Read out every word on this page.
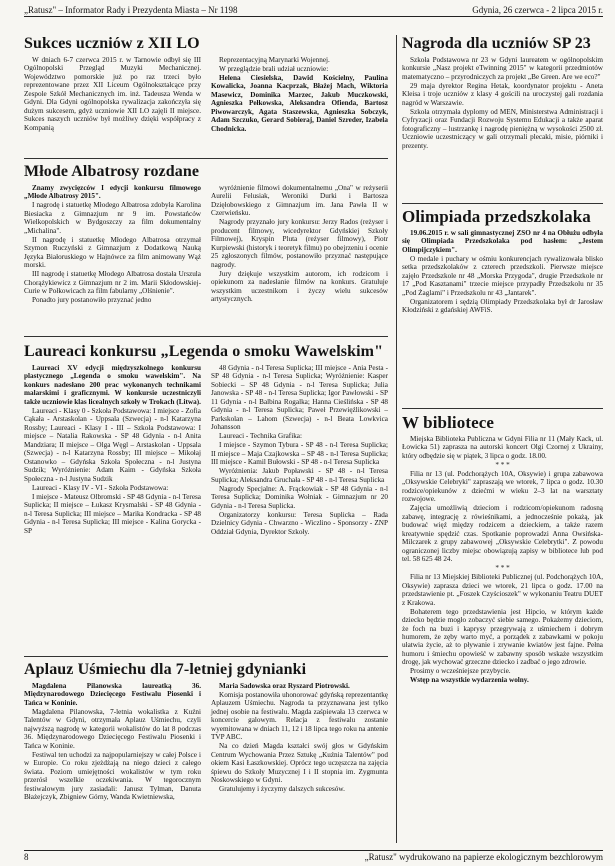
„Ratusz" – Informator Rady i Prezydenta Miasta – Nr 1198	Gdynia, 26 czerwca - 2 lipca 2015 r.
Sukces uczniów z XII LO

W dniach 6-7 czerwca 2015 r. w Tarnowie odbył się III Ogólnopolski Przegląd Muzyki Mechanicznej. Województwo pomorskie już po raz trzeci było reprezentowane przez XII Liceum Ogólnokształcące przy Zespole Szkół Mechanicznych im. inż. Tadeusza Wenda w Gdyni. Dla Gdyni ogólnopolska rywalizacja zakończyła się dużym sukcesem, gdyż uczniowie XII LO zajęli II miejsce. Sukces naszych uczniów był możliwy dzięki współpracy z Kompanią

Reprezentacyjną Marynarki Wojennej.

W przeglądzie brali udział uczniowie:

Helena Ciesielska, Dawid Kościelny, Paulina Kowalicka, Joanna Kacprzak, Błażej Mach, Wiktoria Masewicz, Dominika Marzec, Jakub Muczkowski, Agnieszka Pełkowska, Aleksandra Ofienda, Bartosz Piwowarczyk, Agata Staszewska, Agnieszka Sobczyk, Adam Szczuko, Gerard Sobieraj, Daniel Szreder, Izabela Chodnicka.

Młode Albatrosy rozdane

Znamy zwycięzców I edycji konkursu filmowego „Młode Albatrosy 2015".

I nagrodę i statuetkę Młodego Albatrosa zdobyła Karolina Biesiacka z Gimnazjum nr 9 im. Powstańców Wielkopolskich w Bydgoszczy za film dokumentalny „Michalina".

II nagrodę i statuetkę Młodego Albatrosa otrzymał Szymon Ruczyński z Gimnazjum z Dodatkową Nauką Języka Białoruskiego w Hajnówce za film animowany Wąż morski.

III nagrodę i statuetkę Młodego Albatrosa dostała Urszula Chorążykiewicz z Gimnazjum nr 2 im. Marii Skłodowskiej-Curie w Połkowicach za film fabularny „Olśnienie".

Ponadto jury postanowiło przyznać jedno

wyróżnienie filmowi dokumentalnemu „Ona" w reżyserii Aurelii Felusiak, Weroniki Durki i Bartosza Dzięłobowskiego z Gimnazjum im. Jana Pawła II w Czerwieńsku.

Nagrody przyznało jury konkursu: Jerzy Rados (reżyser i producent filmowy, wicedyrektor Gdyńskiej Szkoły Filmowej), Kryspin Pluta (reżyser filmowy), Piotr Kurpiewski (historyk i teoretyk filmu) po obejrzeniu i ocenie 25 zgłoszonych filmów, postanowiło przyznać następujące nagrody.

Jury dziękuje wszystkim autorom, ich rodzicom i opiekunom za nadesłanie filmów na konkurs. Gratuluje wszystkim uczestnikom i życzy wielu sukcesów artystycznych.

Laureaci konkursu „Legenda o smoku Wawelskim"

Laureaci XV edycji międzyszkolnego konkursu plastycznego „Legenda o smoku wawelskim". Na konkurs nadesłano 200 prac wykonanych technikami malarskimi i graficznymi. W konkursie uczestniczyli także uczniowie klas licealnych szkoły w Trokach (Litwa).

Laureaci - Klasy 0 - Szkoła Podstawowa: I miejsce - Zofia Cąkała - Arstaskolan - Uppsala (Szwecja) - n-l Katarzyna Rossby; Laureaci - Klasy I - III – Szkoła Podstawowa: I miejsce – Natalia Rakowska - SP 48 Gdynia - n-l Anita Mandziara; II miejsce – Olga Węgl – Arstaskolan - Uppsala (Szwecja) - n-l Katarzyna Rossby; III miejsce – Mikołaj Ostanowko – Gdyńska Szkoła Społeczna - n-l Justyna Sudzik; Wyróżnienie: Adam Kaim - Gdyńska Szkoła Społeczna - n-l Justyna Sudzik

Laureaci - Klasy IV - VI - Szkoła Podstawowa:

I miejsce - Mateusz Olbromski - SP 48 Gdynia - n-l Teresa Suplicka; II miejsce – Łukasz Krysmalski - SP 48 Gdynia - n-l Teresa Suplicka; III miejsce – Marika Kondracka - SP 48 Gdynia - n-l Teresa Suplicka; III miejsce - Kalina Gorycka - SP

48 Gdynia - n-l Teresa Suplicka; III miejsce - Ania Pesta - SP 48 Gdynia - n-l Teresa Suplicka; Wyróżnienie: Kasper Sobiecki – SP 48 Gdynia - n-l Teresa Suplicka; Julia Janowska - SP 48 - n-l Teresa Suplicka; Igor Pawłowski - SP 11 Gdynia - n-l Balbina Rogalka; Hanna Cieślińska - SP 48 Gdynia - n-l Teresa Suplicka; Paweł Przewięźlikowski – Parkskolan – Lahom (Szwecja) - n-l Beata Lowkvica Johansson

Laureaci - Technika Grafika:

I miejsce - Szymon Tybura - SP 48 - n-l Teresa Suplicka; II miejsce – Maja Czajkowska – SP 48 - n-l Teresa Suplicka; III miejsce - Kamil Bułowski - SP 48 - n-l Teresa Suplicka

Wyróżnienia: Jakub Popławski - SP 48 - n-l Teresa Suplicka; Aleksandra Gruchała - SP 48 - n-l Teresa Suplicka

Nagrody Specjalne: A. Frąckowiak - SP 48 Gdynia - n-l Teresa Suplicka; Dominika Wołniak - Gimnazjum nr 20 Gdynia - n-l Teresa Suplicka.

Organizatorzy konkursu: Teresa Suplicka – Rada Dzielnicy Gdynia - Chwarzno - Wiczlino - Sponsorzy - ZNP Oddział Gdynia, Dyrektor Szkoły.

Aplauz Uśmiechu dla 7-letniej gdynianki

Magdalena Pilanowska laureatką 36. Międzynarodowego Dziecięcego Festiwalu Piosenki i Tańca w Koninie.

Magdalena Pilanowska, 7-letnia wokalistka z Kuźni Talentów w Gdyni, otrzymała Aplauz Uśmiechu, czyli najwyższą nagrodę w kategorii wokalistów do lat 8 podczas 36. Międzynarodowego Dziecięcego Festiwalu Piosenki i Tańca w Koninie.

Festiwal ten uchodzi za najpopularniejszy w całej Polsce i w Europie. Co roku zjeżdżają na niego dzieci z całego świata. Poziom umiejętności wokalistów w tym roku przerósł wszelkie oczekiwania. W tegorocznym festiwalowym jury zasiadali: Janusz Tylman, Danuta Błażejczyk, Zbigniew Górny, Wanda Kwietniewska,

Maria Sadowska oraz Ryszard Piotrowski.

Komisja postanowiła uhonorować gdyńską reprezentantkę Aplauzem Uśmiechu. Nagroda ta przyznawana jest tylko jednej osobie na festiwalu. Magda zaśpiewała 13 czerwca w koncercie galowym. Relacja z festiwalu zostanie wyemitowana w dniach 11, 12 i 18 lipca tego roku na antenie TVP ABC.

Na co dzień Magda kształci swój głos w Gdyńskim Centrum Wychowania Przez Sztukę „Kuźnia Talentów" pod okiem Kasi Łaszkowskiej. Oprócz tego uczęszcza na zajęcia śpiewu do Szkoły Muzycznej I i II stopnia im. Zygmunta Noskowskiego w Gdyni.

Gratulujemy i życzymy dalszych sukcesów.

Nagroda dla uczniów SP 23

Szkoła Podstawowa nr 23 w Gdyni laureatem w ogólnopolskim konkursie „Nasz projekt eTwinning 2015" w kategorii przedmiotów matematyczno – przyrodniczych za projekt „Be Green. Are we eco?"

29 maja dyrektor Regina Hetak, koordynator projektu - Aneta Kleisa i troje uczniów z klasy 4 gościli na uroczystej gali rozdania nagród w Warszawie.

Szkoła otrzymała dyplomy od MEN, Ministerstwa Administracji i Cyfryzacji oraz Fundacji Rozwoju Systemu Edukacji a także aparat fotograficzny – lustrzankę i nagrodę pieniężną w wysokości 2500 zł. Uczniowie uczestniczący w gali otrzymali plecaki, misie, piórniki i prezenty.

Olimpiada przedszkolaka

19.06.2015 r. w sali gimnastycznej ZSO nr 4 na Obłużu odbyła się Olimpiada Przedszkolaka pod hasłem: „Jestem Olimpijczykiem".

O medale i puchary w ośmiu konkurencjach rywalizowała blisko setka przedszkolaków z czterech przedszkoli. Pierwsze miejsce zajęło Przedszkole nr 48 „Morska Przygoda", drugie Przedszkole nr 17 „Pod Kasztanami" trzecie miejsce przypadły Przedszkolu nr 35 „Pod Żaglami" i Przedszkolu nr 43 „Jantarek".

Organizatorem i sędzią Olimpiady Przedszkolaka był dr Jarosław Kłodziński z gdańskiej AWFiS.

W bibliotece

Miejska Biblioteka Publiczna w Gdyni Filia nr 11 (Mały Kack, ul. Łowicka 51) zaprasza na autorski koncert Olgi Czornej z Ukrainy, który odbędzie się w piątek, 3 lipca o godz. 18.00.

* * *

Filia nr 13 (ul. Podchorążych 10A, Oksywie) i grupa zabawowa „Oksywskie Celebryki" zapraszają we wtorek, 7 lipca o godz. 10.30 rodzice/opiekunów z dziećmi w wieku 2–3 lat na warsztaty rozwojowe.

Zajęcia umożliwią dzieciom i rodzicom/opiekunom radosną zabawę, integrację z rówieśnikami, a jednocześnie pokażą, jak budować więź między rodzicem a dzieckiem, a także razem kreatywnie spędzić czas. Spotkanie poprowadzi Anna Owsińska-Milczarek z grupy zabawowej „Oksywskie Celebrytki". Z powodu ograniczonej liczby miejsc obowiązują zapisy w bibliotece lub pod tel. 58 625 48 24.

* * *

Filia nr 13 Miejskiej Biblioteki Publicznej (ul. Podchorążych 10A, Oksywie) zaprasza dzieci we wtorek, 21 lipca o godz. 17.00 na przedstawienie pt. „Foszek Czyścioszek" w wykonaniu Teatru DUET z Krakowa.

Bohaterem tego przedstawienia jest Hipcio, w którym każde dziecko będzie mogło zobaczyć siebie samego. Pokażemy dzieciom, że foch na buzi i kaprysy przegrywają z uśmiechem i dobrym humorem, że zęby warto myć, a porządek z zabawkami w pokoju ułatwia życie, aż to pływanie i zrywanie kwiatów jest fajne. Pełna humoru i śmiechu opowieść w zabawny sposób wskaże wszystkim drogę, jak wychować grzeczne dziecko i zadbać o jego zdrowie.

Prosimy o wcześniejsze przybycie.

Wstęp na wszystkie wydarzenia wolny.

8	„Ratusz" wydrukowano na papierze ekologicznym bezchlorowym
